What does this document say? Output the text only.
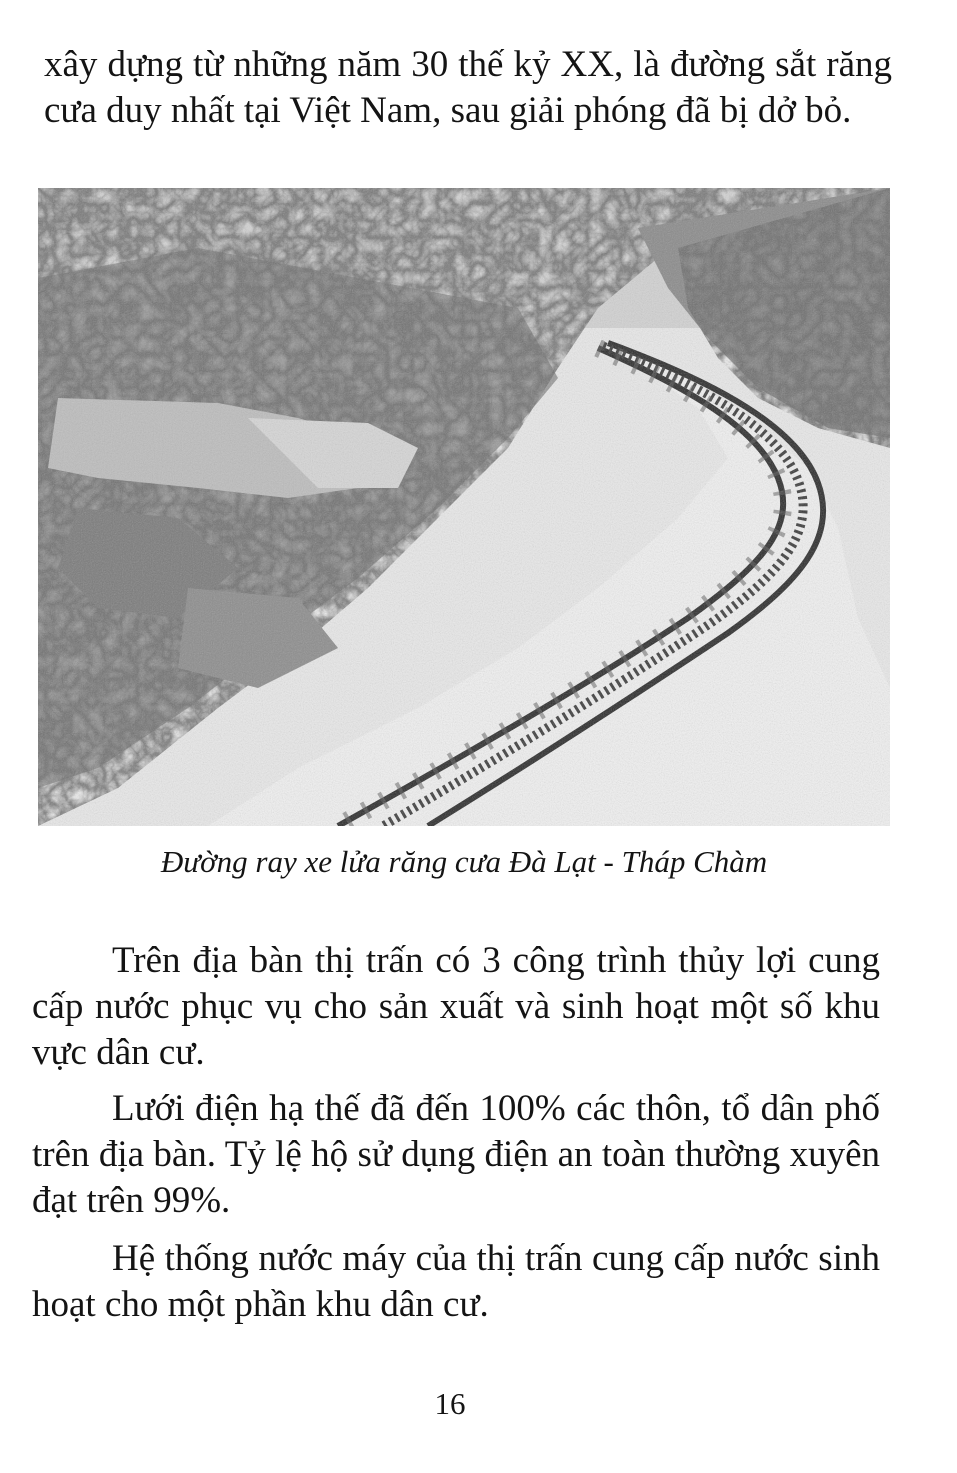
xây dựng từ những năm 30 thế kỷ XX, là đường sắt răng cưa duy nhất tại Việt Nam, sau giải phóng đã bị dở bỏ.

Đường ray xe lửa răng cưa Đà Lạt - Tháp Chàm

Trên địa bàn thị trấn có 3 công trình thủy lợi cung cấp nước phục vụ cho sản xuất và sinh hoạt một số khu vực dân cư.

Lưới điện hạ thế đã đến 100% các thôn, tổ dân phố trên địa bàn. Tỷ lệ hộ sử dụng điện an toàn thường xuyên đạt trên 99%.

Hệ thống nước máy của thị trấn cung cấp nước sinh hoạt cho một phần khu dân cư.

16
